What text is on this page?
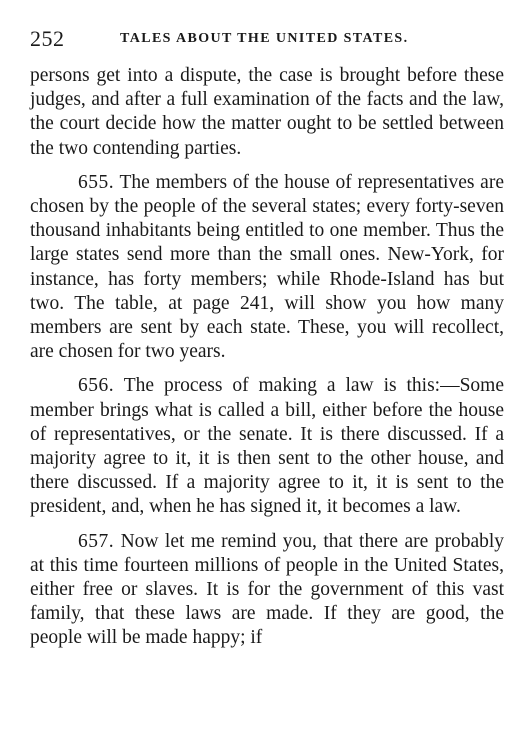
252	TALES ABOUT THE UNITED STATES.

persons get into a dispute, the case is brought before these judges, and after a full examination of the facts and the law, the court decide how the matter ought to be settled between the two contending parties.

655. The members of the house of representatives are chosen by the people of the several states; every forty-seven thousand inhabitants being entitled to one member. Thus the large states send more than the small ones. New-York, for instance, has forty members; while Rhode-Island has but two. The table, at page 241, will show you how many members are sent by each state. These, you will recollect, are chosen for two years.

656. The process of making a law is this:—Some member brings what is called a bill, either before the house of representatives, or the senate. It is there discussed. If a majority agree to it, it is then sent to the other house, and there discussed. If a majority agree to it, it is sent to the president, and, when he has signed it, it becomes a law.

657. Now let me remind you, that there are probably at this time fourteen millions of people in the United States, either free or slaves. It is for the government of this vast family, that these laws are made. If they are good, the people will be made happy; if
